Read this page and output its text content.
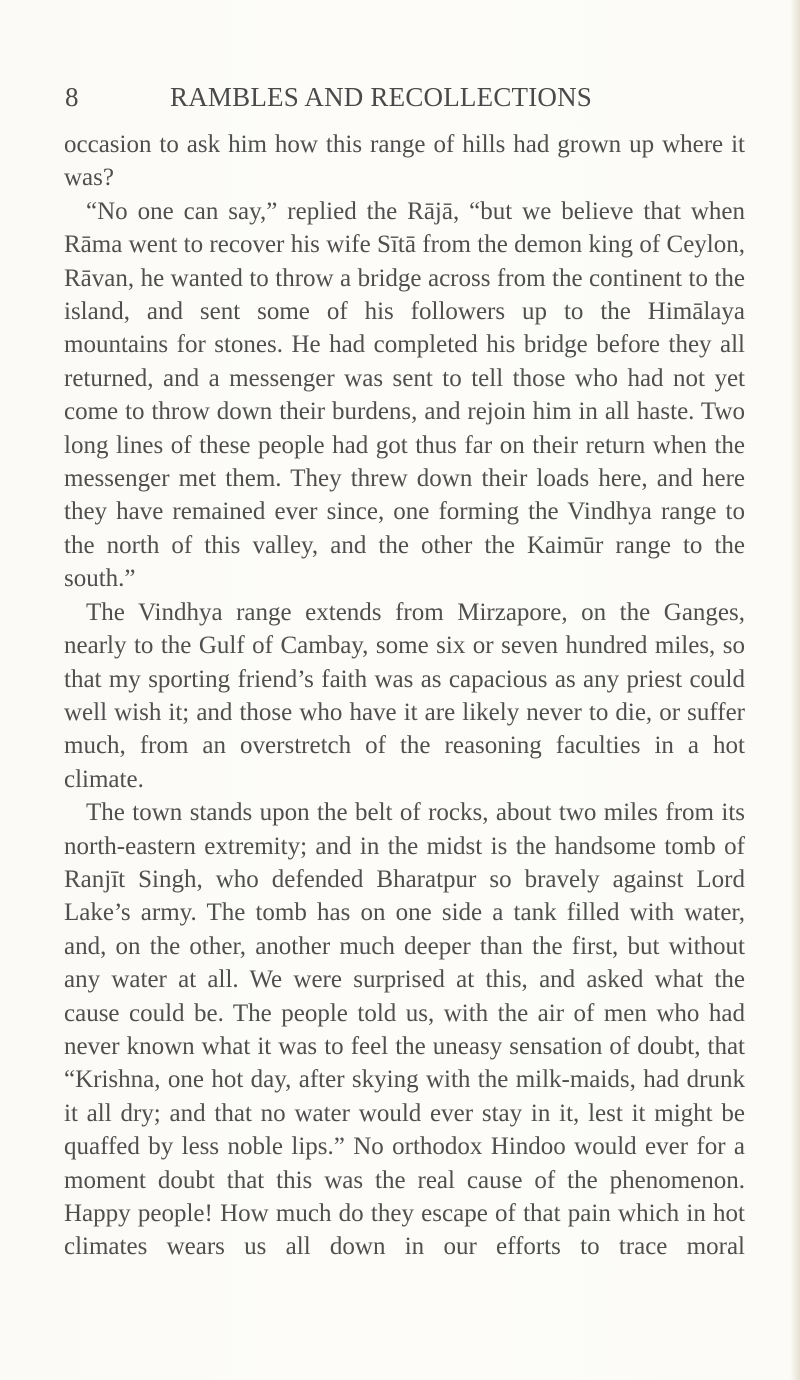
8	RAMBLES AND RECOLLECTIONS

occasion to ask him how this range of hills had grown up where it was?

“No one can say,” replied the Rājā, “but we believe that when Rāma went to recover his wife Sītā from the demon king of Ceylon, Rāvan, he wanted to throw a bridge across from the continent to the island, and sent some of his followers up to the Himālaya mountains for stones. He had completed his bridge before they all returned, and a messenger was sent to tell those who had not yet come to throw down their burdens, and rejoin him in all haste. Two long lines of these people had got thus far on their return when the messenger met them. They threw down their loads here, and here they have remained ever since, one forming the Vindhya range to the north of this valley, and the other the Kaimūr range to the south.”

The Vindhya range extends from Mirzapore, on the Ganges, nearly to the Gulf of Cambay, some six or seven hundred miles, so that my sporting friend’s faith was as capacious as any priest could well wish it; and those who have it are likely never to die, or suffer much, from an overstretch of the reasoning faculties in a hot climate.

The town stands upon the belt of rocks, about two miles from its north-eastern extremity; and in the midst is the handsome tomb of Ranjīt Singh, who defended Bharatpur so bravely against Lord Lake’s army. The tomb has on one side a tank filled with water, and, on the other, another much deeper than the first, but without any water at all. We were surprised at this, and asked what the cause could be. The people told us, with the air of men who had never known what it was to feel the uneasy sensation of doubt, that “Krishna, one hot day, after skying with the milk-maids, had drunk it all dry; and that no water would ever stay in it, lest it might be quaffed by less noble lips.” No orthodox Hindoo would ever for a moment doubt that this was the real cause of the phenomenon. Happy people! How much do they escape of that pain which in hot climates wears us all down in our efforts to trace moral
